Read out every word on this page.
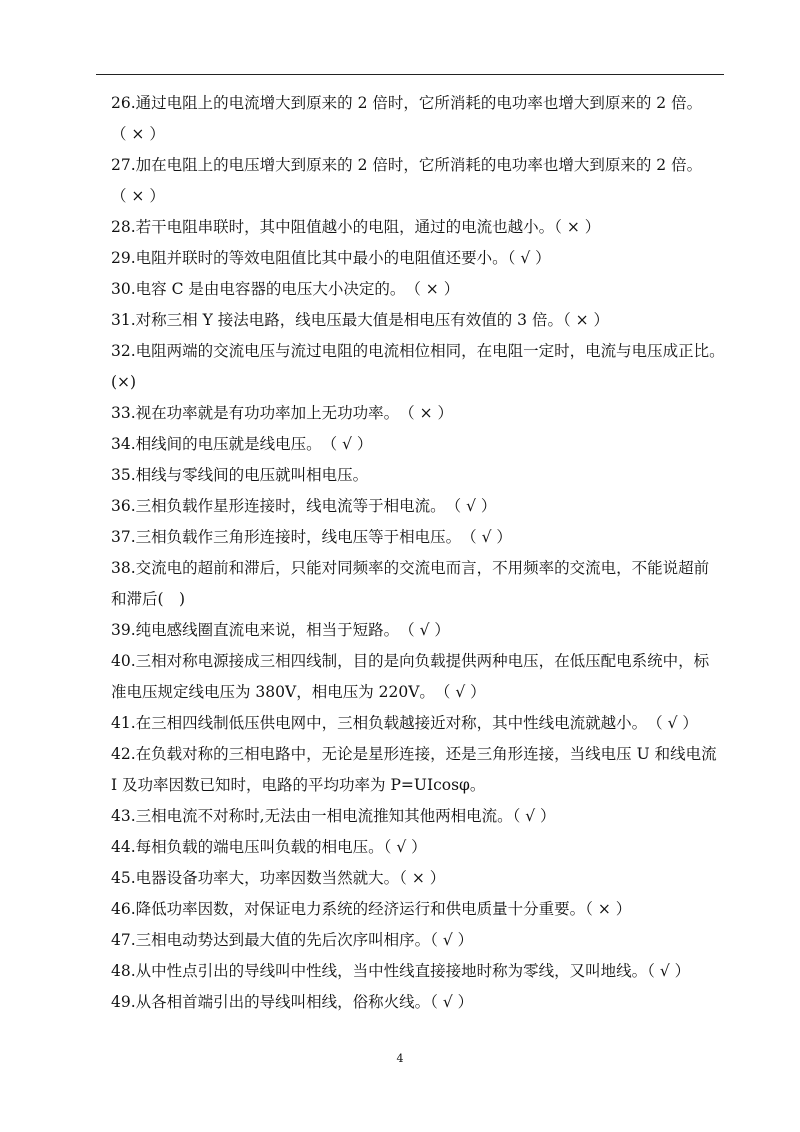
26.通过电阻上的电流增大到原来的 2 倍时，它所消耗的电功率也增大到原来的 2 倍。
（ × ）

27.加在电阻上的电压增大到原来的 2 倍时，它所消耗的电功率也增大到原来的 2 倍。
（ × ）

28.若干电阻串联时，其中阻值越小的电阻，通过的电流也越小。（ × ）

29.电阻并联时的等效电阻值比其中最小的电阻值还要小。（ √ ）

30.电容 C 是由电容器的电压大小决定的。　（ × ）

31.对称三相 Y 接法电路，线电压最大值是相电压有效值的 3 倍。（ × ）

32.电阻两端的交流电压与流过电阻的电流相位相同，在电阻一定时，电流与电压成正比。
(×)

33.视在功率就是有功功率加上无功功率。　（ × ）

34.相线间的电压就是线电压。　（ √ ）

35.相线与零线间的电压就叫相电压。

36.三相负载作星形连接时，线电流等于相电流。　（ √ ）

37.三相负载作三角形连接时，线电压等于相电压。　（ √ ）

38.交流电的超前和滞后，只能对同频率的交流电而言，不用频率的交流电，不能说超前
和滞后(　)

39.纯电感线圈直流电来说，相当于短路。　（ √ ）

40.三相对称电源接成三相四线制，目的是向负载提供两种电压，在低压配电系统中，标
准电压规定线电压为 380V，相电压为 220V。　（ √ ）

41.在三相四线制低压供电网中，三相负载越接近对称，其中性线电流就越小。　（ √ ）

42.在负载对称的三相电路中，无论是星形连接，还是三角形连接，当线电压 U 和线电流
I 及功率因数已知时，电路的平均功率为 P=UIcosφ。

43.三相电流不对称时,无法由一相电流推知其他两相电流。（ √ ）

44.每相负载的端电压叫负载的相电压。（ √ ）

45.电器设备功率大，功率因数当然就大。（ × ）

46.降低功率因数，对保证电力系统的经济运行和供电质量十分重要。（ × ）

47.三相电动势达到最大值的先后次序叫相序。（ √ ）

48.从中性点引出的导线叫中性线，当中性线直接接地时称为零线，又叫地线。（ √ ）

49.从各相首端引出的导线叫相线，俗称火线。（ √ ）

4
